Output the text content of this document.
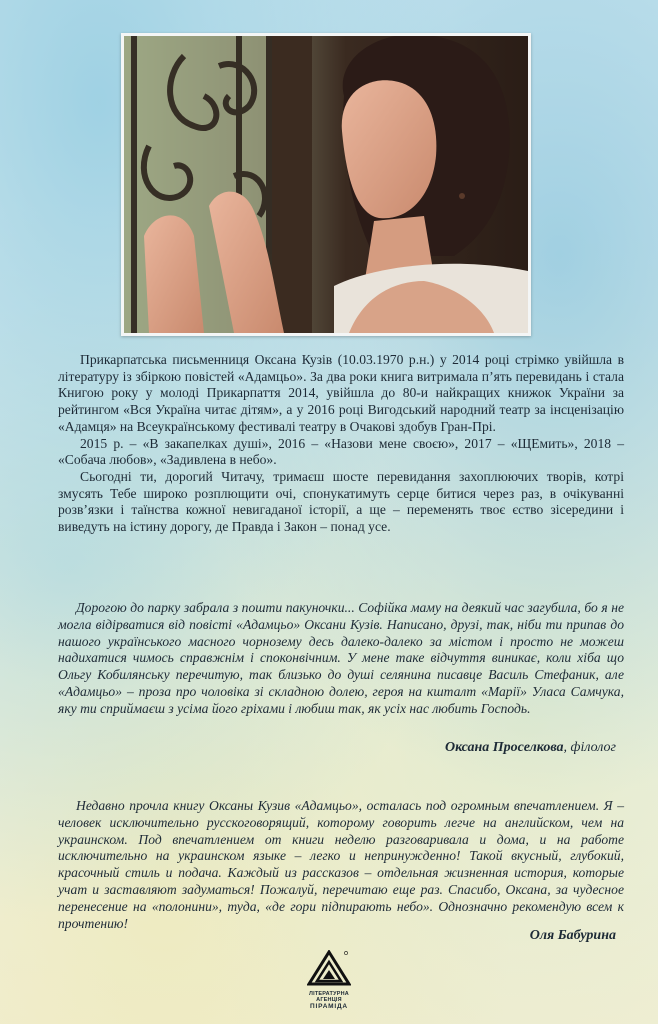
Прикарпатська письменниця Оксана Кузів (10.03.1970 р.н.) у 2014 році стрімко увійшла в літературу із збіркою повістей «Адамцьо». За два роки книга витримала п’ять перевидань і стала Книгою року у молоді Прикарпаття 2014, увійшла до 80-и найкращих книжок України за рейтингом «Вся Україна читає дітям», а у 2016 році Вигодський народний театр за інсценізацію «Адамця» на Всеукраїнському фестивалі театру в Очакові здобув Гран-Прі.

2015 р. – «В закапелках душі», 2016 – «Назови мене своєю», 2017 – «ЩЕмить», 2018 – «Собача любов», «Задивлена в небо».

Сьогодні ти, дорогий Читачу, тримаєш шосте перевидання захоплюючих творів, котрі змусять Тебе широко розплющити очі, спонукатимуть серце битися через раз, в очікуванні розв’язки і таїнства кожної невигаданої історії, а ще – переменять твоє єство зісередини і виведуть на істину дорогу, де Правда і Закон – понад усе.

Дорогою до парку забрала з пошти пакуночки... Софійка маму на деякий час загубила, бо я не могла відірватися від повісті «Адамцьо» Оксани Кузів. Написано, друзі, так, ніби ти припав до нашого українського масного чорнозему десь далеко-далеко за містом і просто не можеш надихатися чимось справжнім і споконвічним. У мене таке відчуття виникає, коли хіба що Ольгу Кобилянську перечитую, так близько до душі селянина писавце Василь Стефаник, але «Адамцьо» – проза про чоловіка зі складною долею, героя на кшталт «Марії» Уласа Самчука, яку ти сприймаєш з усіма його гріхами і любиш так, як усіх нас любить Господь.

Оксана Проселкова, філолог

Недавно прочла книгу Оксаны Кузив «Адамцьо», осталась под огромным впечатлением. Я – человек исключительно русскоговорящий, которому говорить легче на английском, чем на украинском. Под впечатлением от книги неделю разговаривала и дома, и на работе исключительно на украинском языке – легко и непринужденно! Такой вкусный, глубокий, красочный стиль и подача. Каждый из рассказов – отдельная жизненная история, которые учат и заставляют задуматься! Пожалуй, перечитаю еще раз. Спасибо, Оксана, за чудесное перенесение на «полонини», туда, «де гори підпирають небо». Однозначно рекомендую всем к прочтению!

Оля Бабурина
ЛІТЕРАТУРНА АГЕНЦІЯ
ПІРАМІДА
